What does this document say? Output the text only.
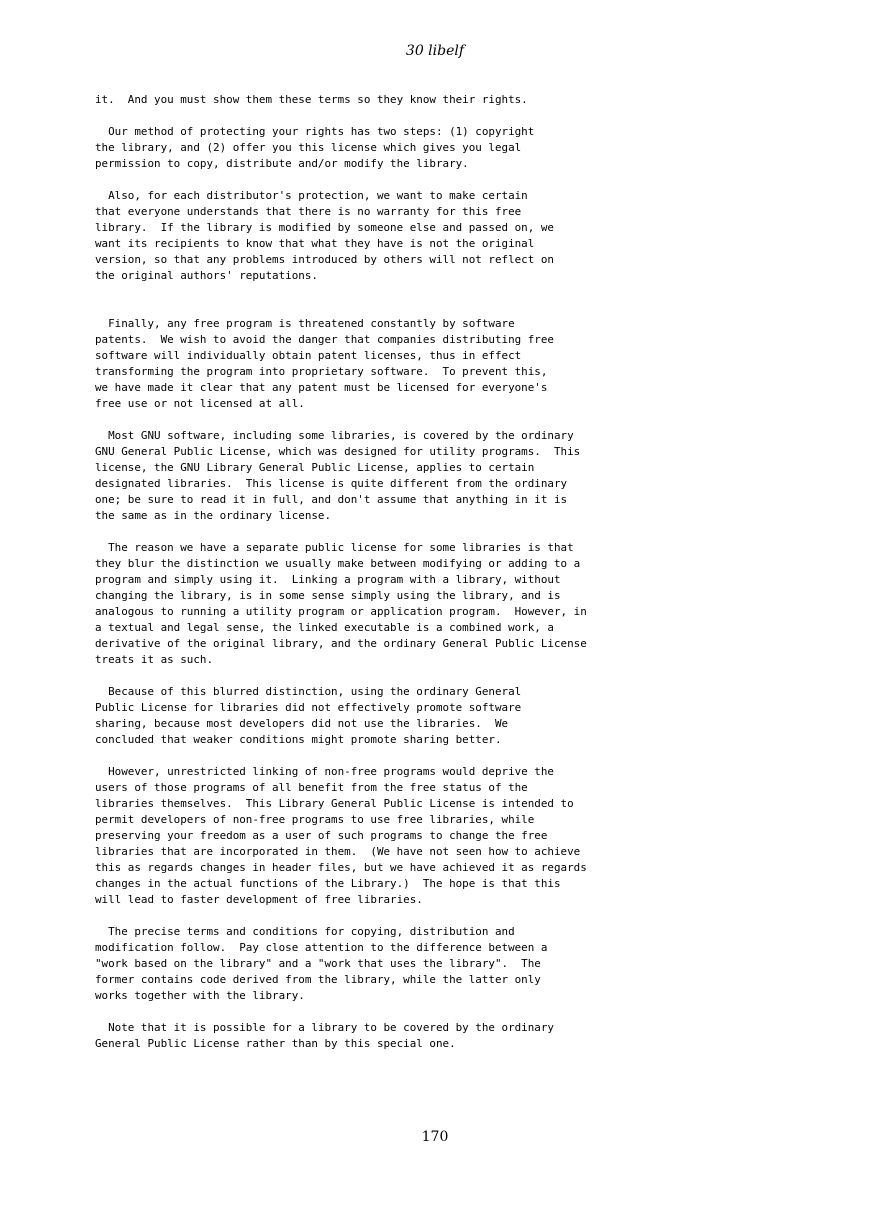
30 libelf
it.  And you must show them these terms so they know their rights.
Our method of protecting your rights has two steps: (1) copyright
the library, and (2) offer you this license which gives you legal
permission to copy, distribute and/or modify the library.
Also, for each distributor's protection, we want to make certain
that everyone understands that there is no warranty for this free
library.  If the library is modified by someone else and passed on, we
want its recipients to know that what they have is not the original
version, so that any problems introduced by others will not reflect on
the original authors' reputations.
Finally, any free program is threatened constantly by software
patents.  We wish to avoid the danger that companies distributing free
software will individually obtain patent licenses, thus in effect
transforming the program into proprietary software.  To prevent this,
we have made it clear that any patent must be licensed for everyone's
free use or not licensed at all.
Most GNU software, including some libraries, is covered by the ordinary
GNU General Public License, which was designed for utility programs.  This
license, the GNU Library General Public License, applies to certain
designated libraries.  This license is quite different from the ordinary
one; be sure to read it in full, and don't assume that anything in it is
the same as in the ordinary license.
The reason we have a separate public license for some libraries is that
they blur the distinction we usually make between modifying or adding to a
program and simply using it.  Linking a program with a library, without
changing the library, is in some sense simply using the library, and is
analogous to running a utility program or application program.  However, in
a textual and legal sense, the linked executable is a combined work, a
derivative of the original library, and the ordinary General Public License
treats it as such.
Because of this blurred distinction, using the ordinary General
Public License for libraries did not effectively promote software
sharing, because most developers did not use the libraries.  We
concluded that weaker conditions might promote sharing better.
However, unrestricted linking of non-free programs would deprive the
users of those programs of all benefit from the free status of the
libraries themselves.  This Library General Public License is intended to
permit developers of non-free programs to use free libraries, while
preserving your freedom as a user of such programs to change the free
libraries that are incorporated in them.  (We have not seen how to achieve
this as regards changes in header files, but we have achieved it as regards
changes in the actual functions of the Library.)  The hope is that this
will lead to faster development of free libraries.
The precise terms and conditions for copying, distribution and
modification follow.  Pay close attention to the difference between a
"work based on the library" and a "work that uses the library".  The
former contains code derived from the library, while the latter only
works together with the library.
Note that it is possible for a library to be covered by the ordinary
General Public License rather than by this special one.
170
